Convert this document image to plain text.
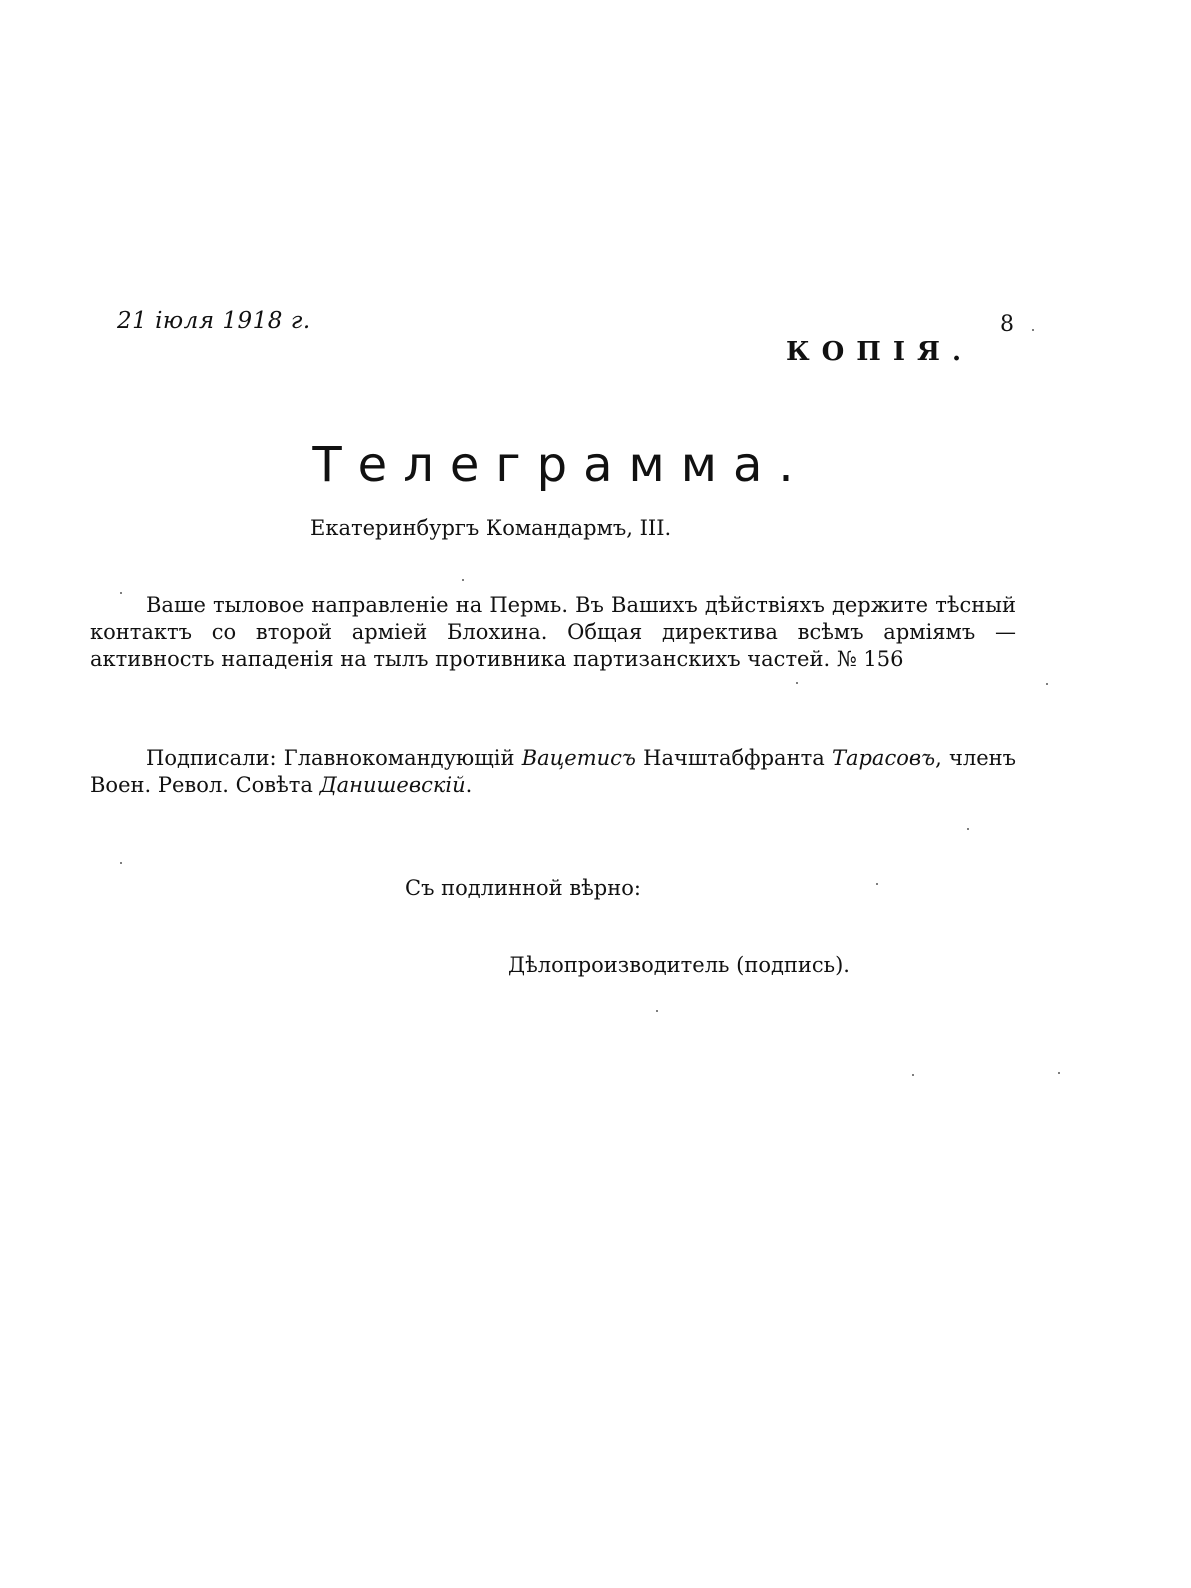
21 іюля 1918 г.	8
КОПІЯ.
Телеграмма.
Екатеринбургъ Командармъ, III.

Ваше тыловое направленіе на Пермь. Въ Вашихъ дѣйствіяхъ держите тѣсный контактъ со второй арміей Блохина. Общая директива всѣмъ арміямъ — активность нападенія на тылъ противника партизанскихъ частей. № 156

Подписали: Главнокомандующій Вацетисъ Начштабфранта Тарасовъ, членъ Воен. Револ. Совѣта Данишевскій.

Съ подлинной вѣрно:
Дѣлопроизводитель (подпись).
